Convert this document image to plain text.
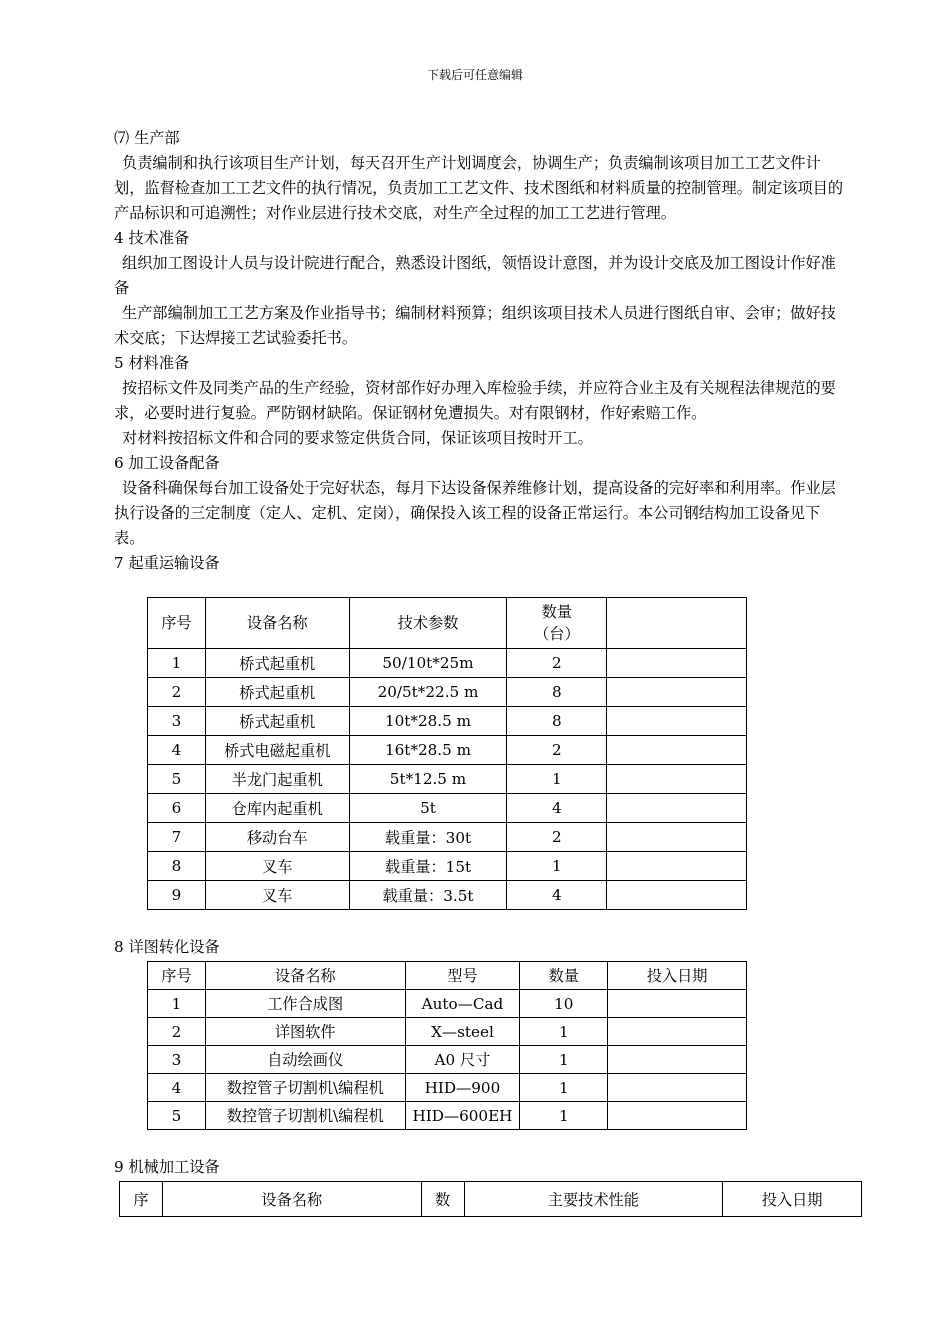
下载后可任意编辑

⑺ 生产部

负责编制和执行该项目生产计划，每天召开生产计划调度会，协调生产；负责编制该项目加工工艺文件计划，监督检查加工工艺文件的执行情况，负责加工工艺文件、技术图纸和材料质量的控制管理。制定该项目的产品标识和可追溯性；对作业层进行技术交底，对生产全过程的加工工艺进行管理。

4 技术准备

组织加工图设计人员与设计院进行配合，熟悉设计图纸，领悟设计意图，并为设计交底及加工图设计作好准备

生产部编制加工工艺方案及作业指导书；编制材料预算；组织该项目技术人员进行图纸自审、会审；做好技术交底；下达焊接工艺试验委托书。

5 材料准备

按招标文件及同类产品的生产经验，资材部作好办理入库检验手续，并应符合业主及有关规程法律规范的要求，必要时进行复验。严防钢材缺陷。保证钢材免遭损失。对有限钢材，作好索赔工作。

对材料按招标文件和合同的要求签定供货合同，保证该项目按时开工。

6 加工设备配备

设备科确保每台加工设备处于完好状态，每月下达设备保养维修计划，提高设备的完好率和利用率。作业层执行设备的三定制度（定人、定机、定岗），确保投入该工程的设备正常运行。本公司钢结构加工设备见下表。

7 起重运输设备

序号	设备名称	技术参数	数量
（台）	
1	桥式起重机	50/10t*25m	2	
2	桥式起重机	20/5t*22.5 m	8	
3	桥式起重机	10t*28.5 m	8	
4	桥式电磁起重机	16t*28.5 m	2	
5	半龙门起重机	5t*12.5 m	1	
6	仓库内起重机	5t	4	
7	移动台车	载重量：30t	2	
8	叉车	载重量：15t	1	
9	叉车	载重量：3.5t	4	
8 详图转化设备
序号	设备名称	型号	数量	投入日期
1	工作合成图	Auto—Cad	10	
2	详图软件	X—steel	1	
3	自动绘画仪	A0 尺寸	1	
4	数控管子切割机\编程机	HID—900	1	
5	数控管子切割机\编程机	HID—600EH	1	
9 机械加工设备
序	设备名称	数	主要技术性能	投入日期
